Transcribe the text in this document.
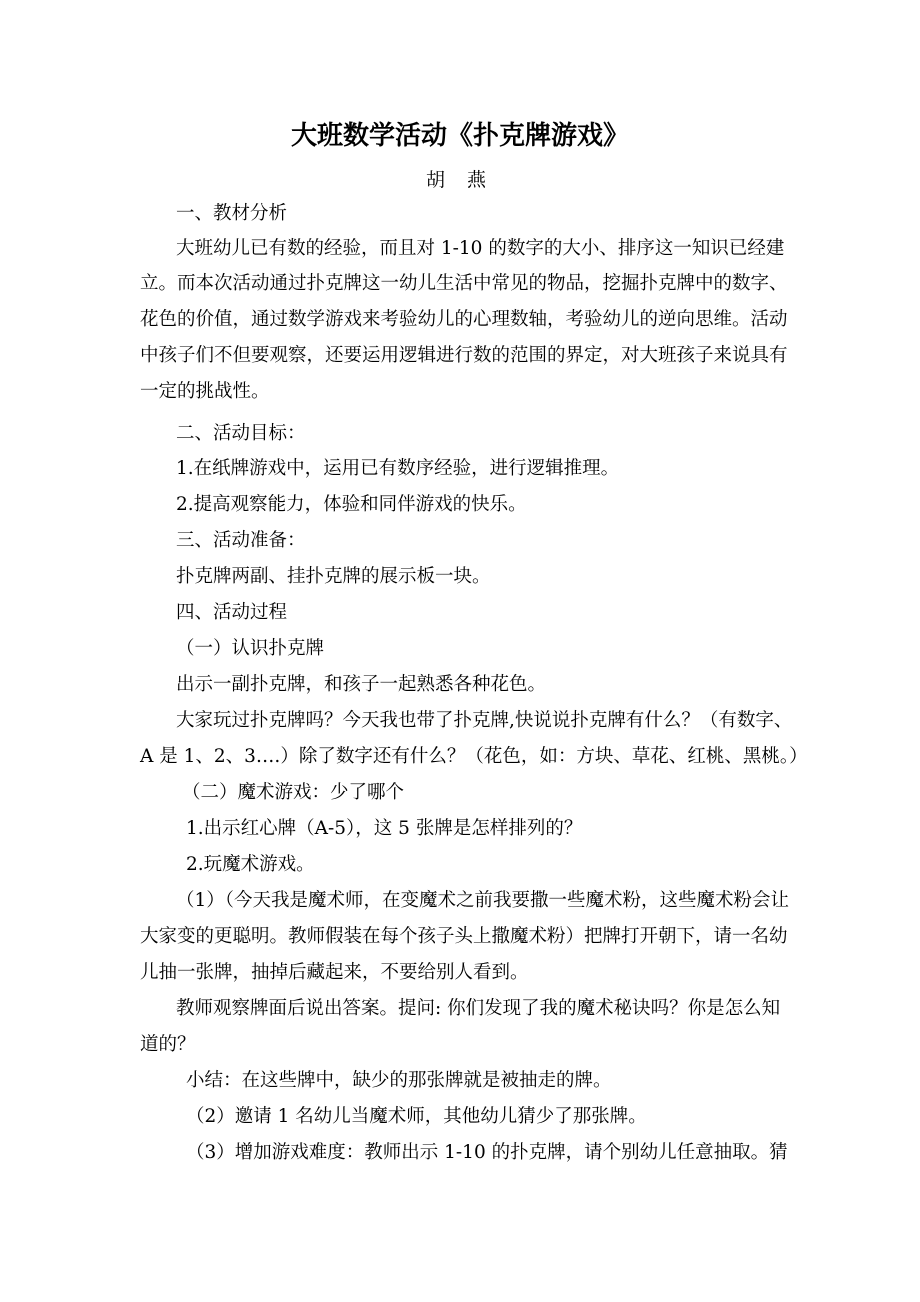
大班数学活动《扑克牌游戏》
胡 燕
一、教材分析
大班幼儿已有数的经验，而且对 1-10 的数字的大小、排序这一知识已经建
立。而本次活动通过扑克牌这一幼儿生活中常见的物品，挖掘扑克牌中的数字、
花色的价值，通过数学游戏来考验幼儿的心理数轴，考验幼儿的逆向思维。活动
中孩子们不但要观察，还要运用逻辑进行数的范围的界定，对大班孩子来说具有
一定的挑战性。
二、活动目标：
1.在纸牌游戏中，运用已有数序经验，进行逻辑推理。
2.提高观察能力，体验和同伴游戏的快乐。
三、活动准备：
扑克牌两副、挂扑克牌的展示板一块。
四、活动过程
（一）认识扑克牌
出示一副扑克牌，和孩子一起熟悉各种花色。
大家玩过扑克牌吗？今天我也带了扑克牌,快说说扑克牌有什么？（有数字、
A 是 1、2、3….）除了数字还有什么？（花色，如：方块、草花、红桃、黑桃。）
（二）魔术游戏：少了哪个
1.出示红心牌（A-5），这 5 张牌是怎样排列的？
2.玩魔术游戏。
（1）（今天我是魔术师，在变魔术之前我要撒一些魔术粉，这些魔术粉会让
大家变的更聪明。教师假装在每个孩子头上撒魔术粉）把牌打开朝下，请一名幼
儿抽一张牌，抽掉后藏起来，不要给别人看到。
教师观察牌面后说出答案。提问: 你们发现了我的魔术秘诀吗？你是怎么知
道的？
小结：在这些牌中，缺少的那张牌就是被抽走的牌。
（2）邀请 1 名幼儿当魔术师，其他幼儿猜少了那张牌。
（3）增加游戏难度：教师出示 1-10 的扑克牌，请个别幼儿任意抽取。猜
